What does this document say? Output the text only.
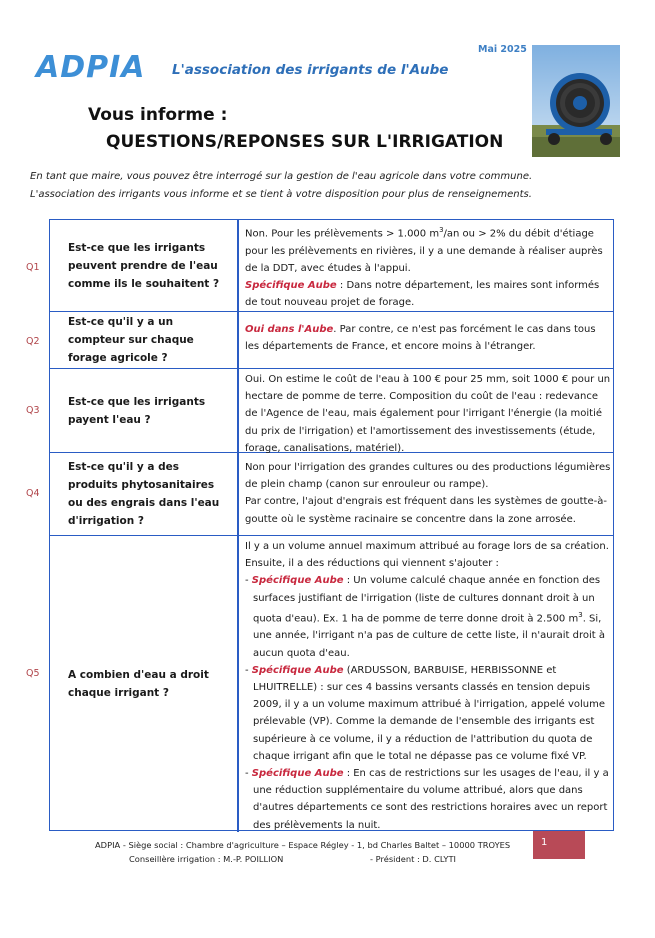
ADPIA L'association des irrigants de l'Aube
Mai 2025
Vous informe :
QUESTIONS/REPONSES SUR L'IRRIGATION
En tant que maire, vous pouvez être interrogé sur la gestion de l'eau agricole dans votre commune.
L'association des irrigants vous informe et se tient à votre disposition pour plus de renseignements.
Q1
Q2
Q3
Q4
Q5
Est-ce que les irrigants peuvent prendre de l'eau comme ils le souhaitent ?
Non. Pour les prélèvements > 1.000 $m^3/an$ ou > 2% du débit d'étiage pour les prélèvements en rivières, il y a une demande à réaliser auprès de la DDT, avec études à l'appui.
Spécifique Aube : Dans notre département, les maires sont informés de tout nouveau projet de forage.
Est-ce qu'il y a un compteur sur chaque forage agricole ?
Oui dans l'Aube. Par contre, ce n'est pas forcément le cas dans tous les départements de France, et encore moins à l'étranger.
Est-ce que les irrigants payent l'eau ?
Oui. On estime le coût de l'eau à 100 € pour 25 mm, soit 1000 € pour un hectare de pomme de terre. Composition du coût de l'eau : redevance de l'Agence de l'eau, mais également pour l'irrigant l'énergie (la moitié du prix de l'irrigation) et l'amortissement des investissements (étude, forage, canalisations, matériel).
Est-ce qu'il y a des produits phytosanitaires ou des engrais dans l'eau d'irrigation ?
Non pour l'irrigation des grandes cultures ou des productions légumières de plein champ (canon sur enrouleur ou rampe).
Par contre, l'ajout d'engrais est fréquent dans les systèmes de goutte-à-goutte où le système racinaire se concentre dans la zone arrosée.
A combien d'eau a droit chaque irrigant ?
Il y a un volume annuel maximum attribué au forage lors de sa création. Ensuite, il a des réductions qui viennent s'ajouter :
- Spécifique Aube : Un volume calculé chaque année en fonction des surfaces justifiant de l'irrigation (liste de cultures donnant droit à un quota d'eau). Ex. 1 ha de pomme de terre donne droit à 2.500 $m^3$. Si, une année, l'irrigant n'a pas de culture de cette liste, il n'aurait droit à aucun quota d'eau.
- Spécifique Aube (ARDUSSON, BARBUISE, HERBISSONNE et LHUITRELLE) : sur ces 4 bassins versants classés en tension depuis 2009, il y a un volume maximum attribué à l'irrigation, appelé volume prélevable (VP). Comme la demande de l'ensemble des irrigants est supérieure à ce volume, il y a réduction de l'attribution du quota de chaque irrigant afin que le total ne dépasse pas ce volume fixé VP.
- Spécifique Aube : En cas de restrictions sur les usages de l'eau, il y a une réduction supplémentaire du volume attribué, alors que dans d'autres départements ce sont des restrictions horaires avec un report des prélèvements la nuit.
ADPIA - Siège social : Chambre d'agriculture – Espace Régley - 1, bd Charles Baltet – 10000 TROYES
Conseillère irrigation : M.-P. POILLION	- Président : D. CLYTI
1
